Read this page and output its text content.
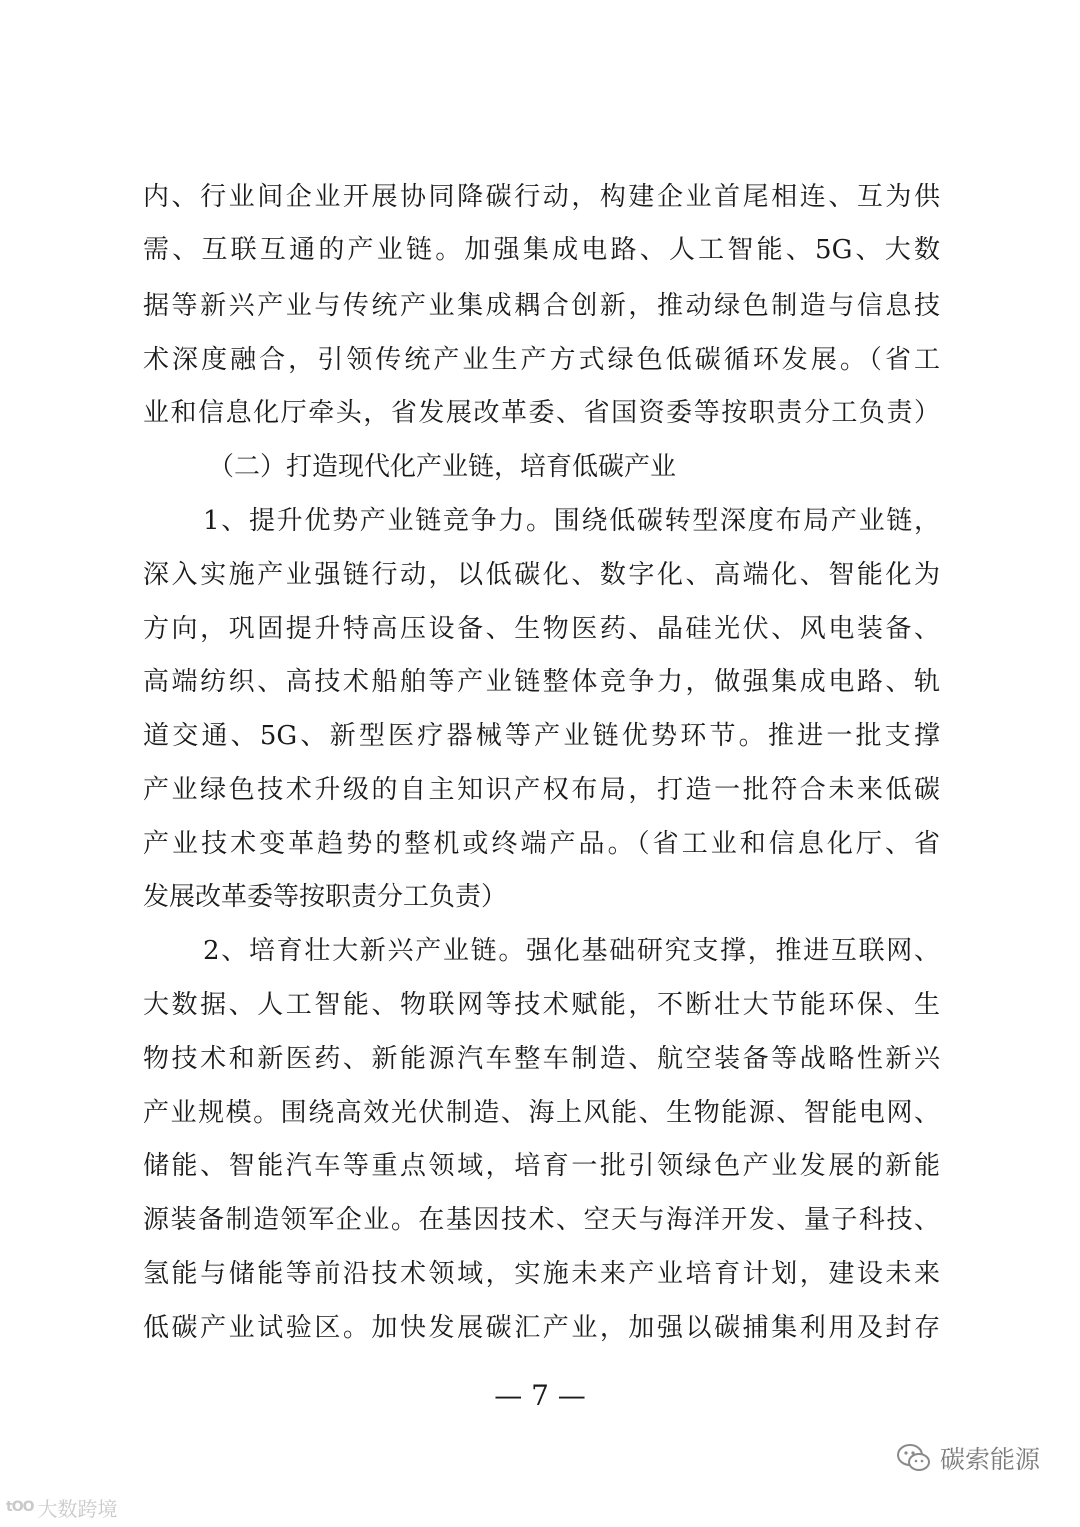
内、行业间企业开展协同降碳行动，构建企业首尾相连、互为供
需、互联互通的产业链。加强集成电路、人工智能、5G、大数
据等新兴产业与传统产业集成耦合创新，推动绿色制造与信息技
术深度融合，引领传统产业生产方式绿色低碳循环发展。（省工
业和信息化厅牵头，省发展改革委、省国资委等按职责分工负责）
（二）打造现代化产业链，培育低碳产业
1、提升优势产业链竞争力。围绕低碳转型深度布局产业链，
深入实施产业强链行动，以低碳化、数字化、高端化、智能化为
方向，巩固提升特高压设备、生物医药、晶硅光伏、风电装备、
高端纺织、高技术船舶等产业链整体竞争力，做强集成电路、轨
道交通、5G、新型医疗器械等产业链优势环节。推进一批支撑
产业绿色技术升级的自主知识产权布局，打造一批符合未来低碳
产业技术变革趋势的整机或终端产品。（省工业和信息化厅、省
发展改革委等按职责分工负责）
2、培育壮大新兴产业链。强化基础研究支撑，推进互联网、
大数据、人工智能、物联网等技术赋能，不断壮大节能环保、生
物技术和新医药、新能源汽车整车制造、航空装备等战略性新兴
产业规模。围绕高效光伏制造、海上风能、生物能源、智能电网、
储能、智能汽车等重点领域，培育一批引领绿色产业发展的新能
源装备制造领军企业。在基因技术、空天与海洋开发、量子科技、
氢能与储能等前沿技术领域，实施未来产业培育计划，建设未来
低碳产业试验区。加快发展碳汇产业，加强以碳捕集利用及封存
— 7 —
tOO 大数跨境
碳索能源
